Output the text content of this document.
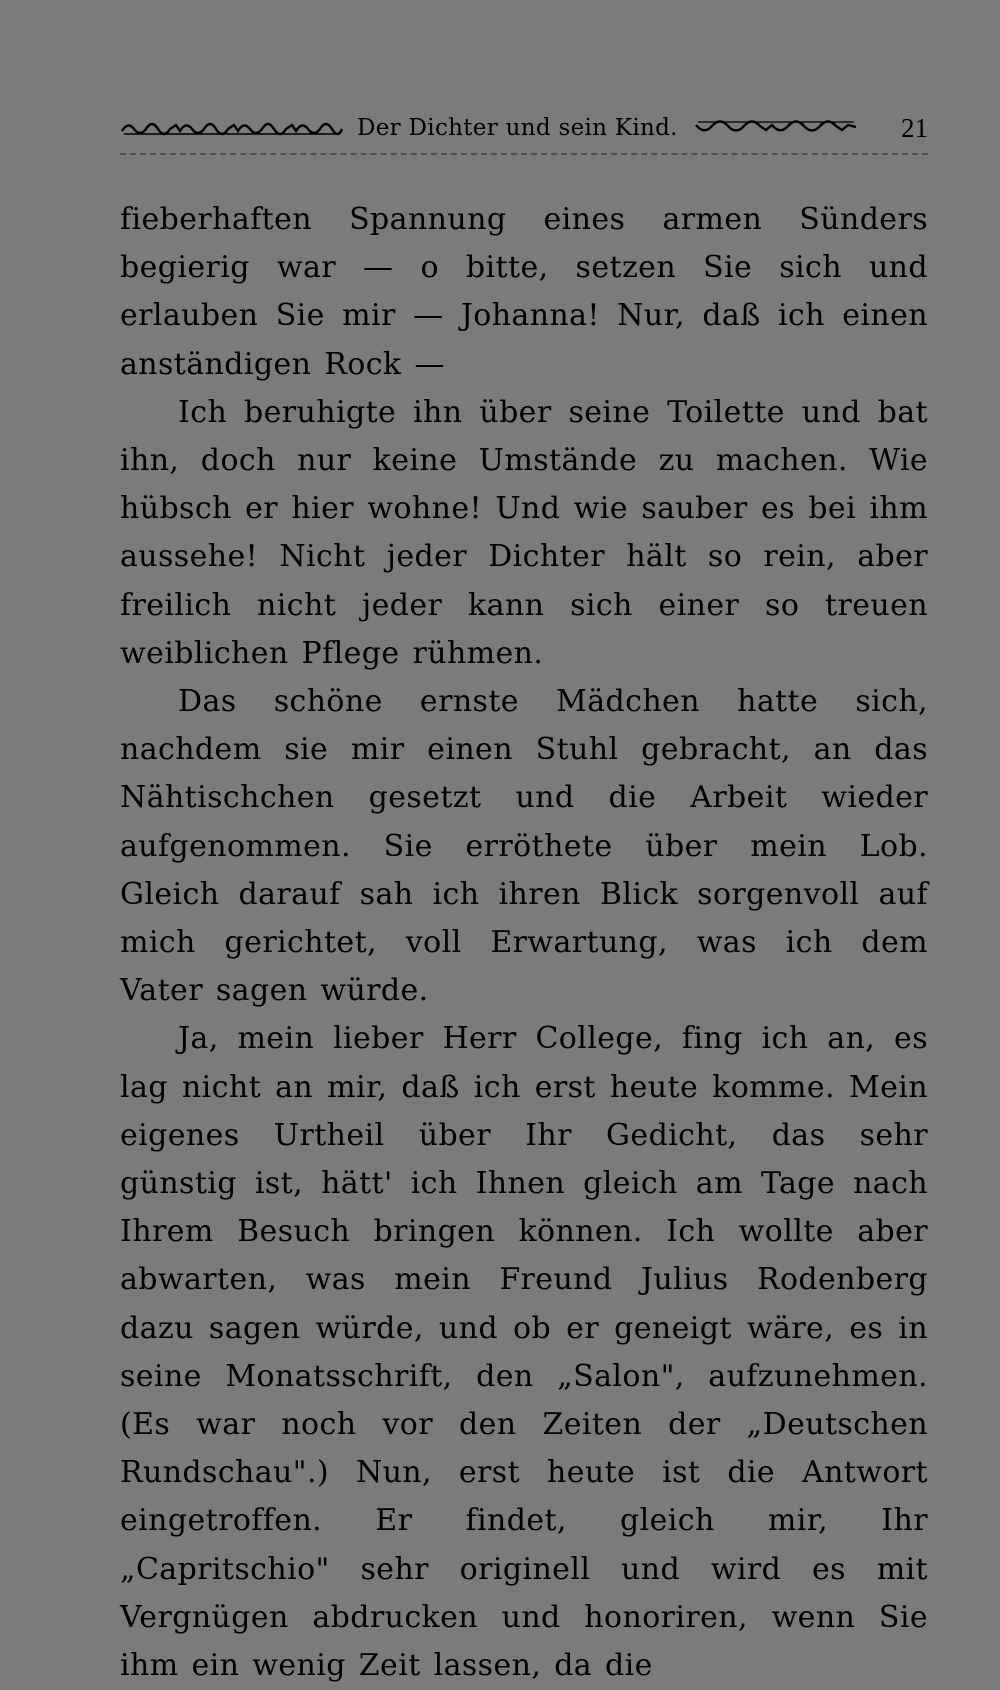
Der Dichter und sein Kind.	21

fieberhaften Spannung eines armen Sünders begierig war — o bitte, setzen Sie sich und erlauben Sie mir — Johanna! Nur, daß ich einen anständigen Rock —

Ich beruhigte ihn über seine Toilette und bat ihn, doch nur keine Umstände zu machen. Wie hübsch er hier wohne! Und wie sauber es bei ihm aussehe! Nicht jeder Dichter hält so rein, aber freilich nicht jeder kann sich einer so treuen weiblichen Pflege rühmen.

Das schöne ernste Mädchen hatte sich, nachdem sie mir einen Stuhl gebracht, an das Nähtischchen gesetzt und die Arbeit wieder aufgenommen. Sie erröthete über mein Lob. Gleich darauf sah ich ihren Blick sorgenvoll auf mich gerichtet, voll Erwartung, was ich dem Vater sagen würde.

Ja, mein lieber Herr College, fing ich an, es lag nicht an mir, daß ich erst heute komme. Mein eigenes Urtheil über Ihr Gedicht, das sehr günstig ist, hätt' ich Ihnen gleich am Tage nach Ihrem Besuch bringen können. Ich wollte aber abwarten, was mein Freund Julius Rodenberg dazu sagen würde, und ob er geneigt wäre, es in seine Monatsschrift, den „Salon", aufzunehmen. (Es war noch vor den Zeiten der „Deutschen Rundschau".) Nun, erst heute ist die Antwort eingetroffen. Er findet, gleich mir, Ihr „Capritschio" sehr originell und wird es mit Vergnügen abdrucken und honoriren, wenn Sie ihm ein wenig Zeit lassen, da die
